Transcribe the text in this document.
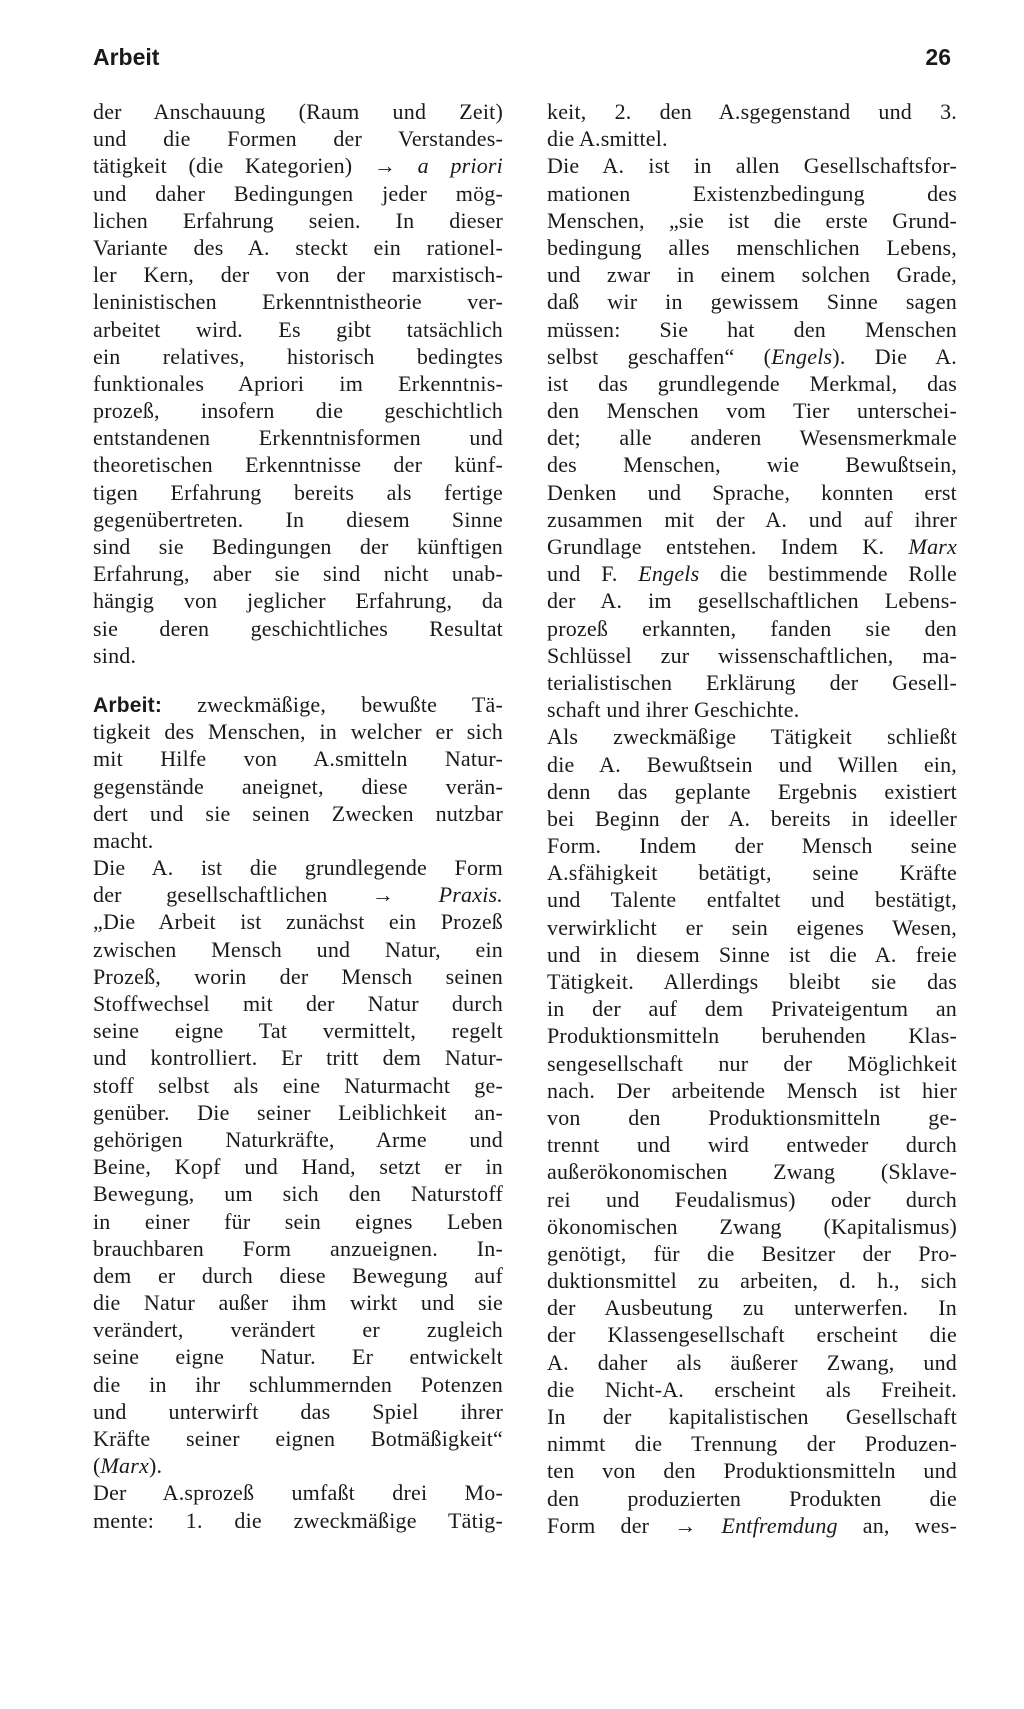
Arbeit	26
der Anschauung (Raum und Zeit)
und die Formen der Verstandes-
tätigkeit (die Kategorien) → a priori
und daher Bedingungen jeder mög-
lichen Erfahrung seien. In dieser
Variante des A. steckt ein rationel-
ler Kern, der von der marxistisch-
leninistischen Erkenntnistheorie ver-
arbeitet wird. Es gibt tatsächlich
ein relatives, historisch bedingtes
funktionales Apriori im Erkenntnis-
prozeß, insofern die geschichtlich
entstandenen Erkenntnisformen und
theoretischen Erkenntnisse der künf-
tigen Erfahrung bereits als fertige
gegenübertreten. In diesem Sinne
sind sie Bedingungen der künftigen
Erfahrung, aber sie sind nicht unab-
hängig von jeglicher Erfahrung, da
sie deren geschichtliches Resultat
sind.
Arbeit: zweckmäßige, bewußte Tä-
tigkeit des Menschen, in welcher er sich
mit Hilfe von A.smitteln Natur-
gegenstände aneignet, diese verän-
dert und sie seinen Zwecken nutzbar
macht.
Die A. ist die grundlegende Form
der gesellschaftlichen → Praxis.
„Die Arbeit ist zunächst ein Prozeß
zwischen Mensch und Natur, ein
Prozeß, worin der Mensch seinen
Stoffwechsel mit der Natur durch
seine eigne Tat vermittelt, regelt
und kontrolliert. Er tritt dem Natur-
stoff selbst als eine Naturmacht ge-
genüber. Die seiner Leiblichkeit an-
gehörigen Naturkräfte, Arme und
Beine, Kopf und Hand, setzt er in
Bewegung, um sich den Naturstoff
in einer für sein eignes Leben
brauchbaren Form anzueignen. In-
dem er durch diese Bewegung auf
die Natur außer ihm wirkt und sie
verändert, verändert er zugleich
seine eigne Natur. Er entwickelt
die in ihr schlummernden Potenzen
und unterwirft das Spiel ihrer
Kräfte seiner eignen Botmäßigkeit“
(Marx).
Der A.sprozeß umfaßt drei Mo-
mente: 1. die zweckmäßige Tätig-
keit, 2. den A.sgegenstand und 3.
die A.smittel.
Die A. ist in allen Gesellschaftsfor-
mationen Existenzbedingung des
Menschen, „sie ist die erste Grund-
bedingung alles menschlichen Lebens,
und zwar in einem solchen Grade,
daß wir in gewissem Sinne sagen
müssen: Sie hat den Menschen
selbst geschaffen“ (Engels). Die A.
ist das grundlegende Merkmal, das
den Menschen vom Tier unterschei-
det; alle anderen Wesensmerkmale
des Menschen, wie Bewußtsein,
Denken und Sprache, konnten erst
zusammen mit der A. und auf ihrer
Grundlage entstehen. Indem K. Marx
und F. Engels die bestimmende Rolle
der A. im gesellschaftlichen Lebens-
prozeß erkannten, fanden sie den
Schlüssel zur wissenschaftlichen, ma-
terialistischen Erklärung der Gesell-
schaft und ihrer Geschichte.
Als zweckmäßige Tätigkeit schließt
die A. Bewußtsein und Willen ein,
denn das geplante Ergebnis existiert
bei Beginn der A. bereits in ideeller
Form. Indem der Mensch seine
A.sfähigkeit betätigt, seine Kräfte
und Talente entfaltet und bestätigt,
verwirklicht er sein eigenes Wesen,
und in diesem Sinne ist die A. freie
Tätigkeit. Allerdings bleibt sie das
in der auf dem Privateigentum an
Produktionsmitteln beruhenden Klas-
sengesellschaft nur der Möglichkeit
nach. Der arbeitende Mensch ist hier
von den Produktionsmitteln ge-
trennt und wird entweder durch
außerökonomischen Zwang (Sklave-
rei und Feudalismus) oder durch
ökonomischen Zwang (Kapitalismus)
genötigt, für die Besitzer der Pro-
duktionsmittel zu arbeiten, d. h., sich
der Ausbeutung zu unterwerfen. In
der Klassengesellschaft erscheint die
A. daher als äußerer Zwang, und
die Nicht-A. erscheint als Freiheit.
In der kapitalistischen Gesellschaft
nimmt die Trennung der Produzen-
ten von den Produktionsmitteln und
den produzierten Produkten die
Form der → Entfremdung an, wes-
